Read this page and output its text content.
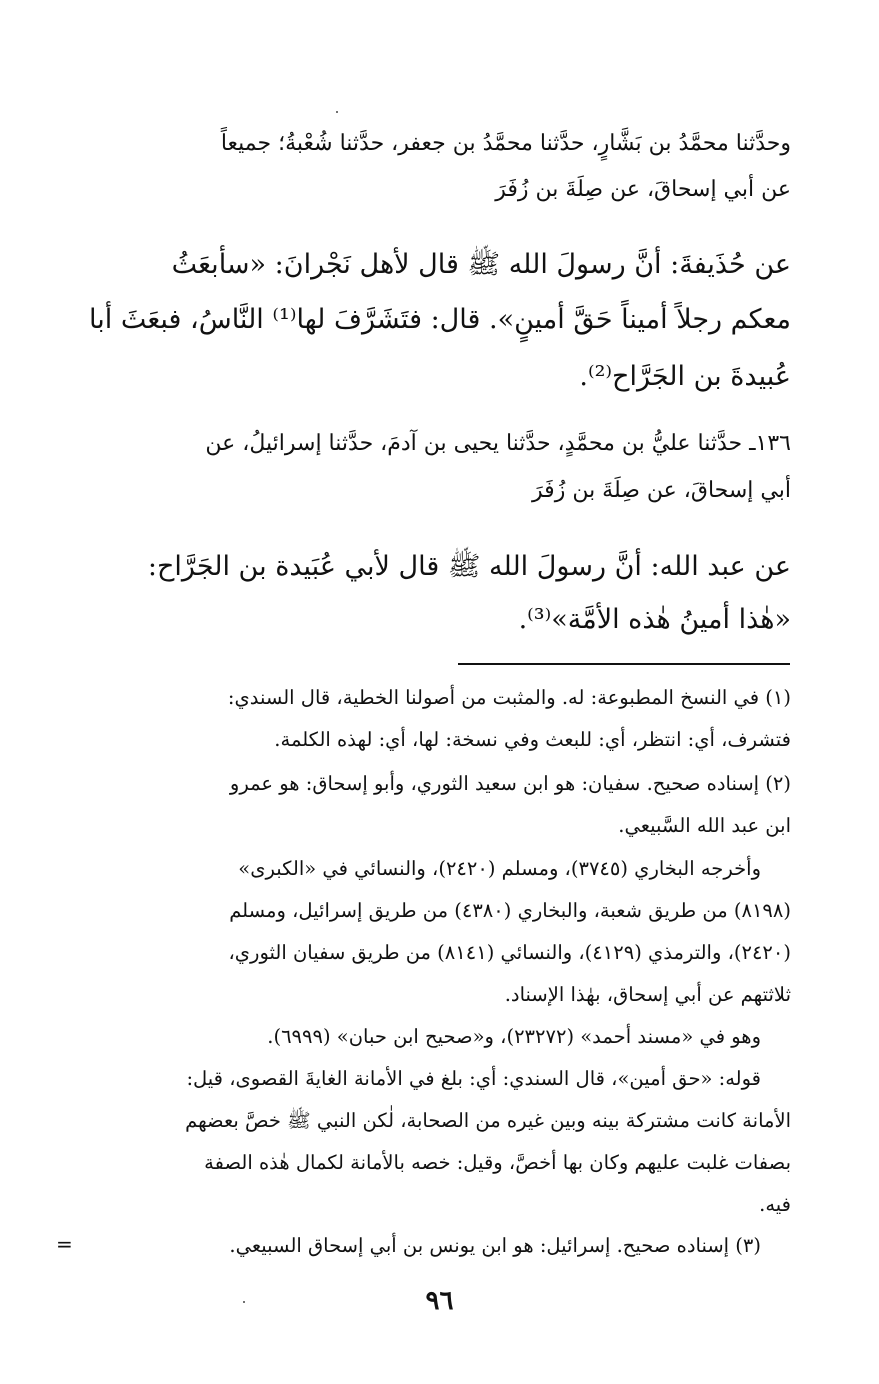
وحدَّثنا محمَّدُ بن بَشَّارٍ، حدَّثنا محمَّدُ بن جعفر، حدَّثنا شُعْبةُ؛ جميعاً
عن أبي إسحاقَ، عن صِلَةَ بن زُفَرَ
عن حُذَيفةَ: أنَّ رسولَ الله ﷺ قال لأهل نَجْرانَ: «سأبعَثُ
معكم رجلاً أميناً حَقَّ أمينٍ». قال: فتَشَرَّفَ لها⁽¹⁾ النَّاسُ، فبعَثَ أبا
عُبيدةَ بن الجَرَّاح⁽²⁾.
١٣٦ـ حدَّثنا عليُّ بن محمَّدٍ، حدَّثنا يحيى بن آدمَ، حدَّثنا إسرائيلُ، عن
أبي إسحاقَ، عن صِلَةَ بن زُفَرَ
عن عبد الله: أنَّ رسولَ الله ﷺ قال لأبي عُبَيدة بن الجَرَّاح:
«هٰذا أمينُ هٰذه الأمَّة»⁽³⁾.
(١) في النسخ المطبوعة: له. والمثبت من أصولنا الخطية، قال السندي:
فتشرف، أي: انتظر، أي: للبعث وفي نسخة: لها، أي: لهذه الكلمة.
(٢) إسناده صحيح. سفيان: هو ابن سعيد الثوري، وأبو إسحاق: هو عمرو
ابن عبد الله السَّبيعي.
وأخرجه البخاري (٣٧٤٥)، ومسلم (٢٤٢٠)، والنسائي في «الكبرى»
(٨١٩٨) من طريق شعبة، والبخاري (٤٣٨٠) من طريق إسرائيل، ومسلم
(٢٤٢٠)، والترمذي (٤١٢٩)، والنسائي (٨١٤١) من طريق سفيان الثوري،
ثلاثتهم عن أبي إسحاق، بهٰذا الإسناد.
وهو في «مسند أحمد» (٢٣٢٧٢)، و«صحيح ابن حبان» (٦٩٩٩).
قوله: «حق أمين»، قال السندي: أي: بلغ في الأمانة الغايةَ القصوى، قيل:
الأمانة كانت مشتركة بينه وبين غيره من الصحابة، لٰكن النبي ﷺ خصَّ بعضهم
بصفات غلبت عليهم وكان بها أخصَّ، وقيل: خصه بالأمانة لكمال هٰذه الصفة
فيه.
(٣) إسناده صحيح. إسرائيل: هو ابن يونس بن أبي إسحاق السبيعي.
=
٩٦
